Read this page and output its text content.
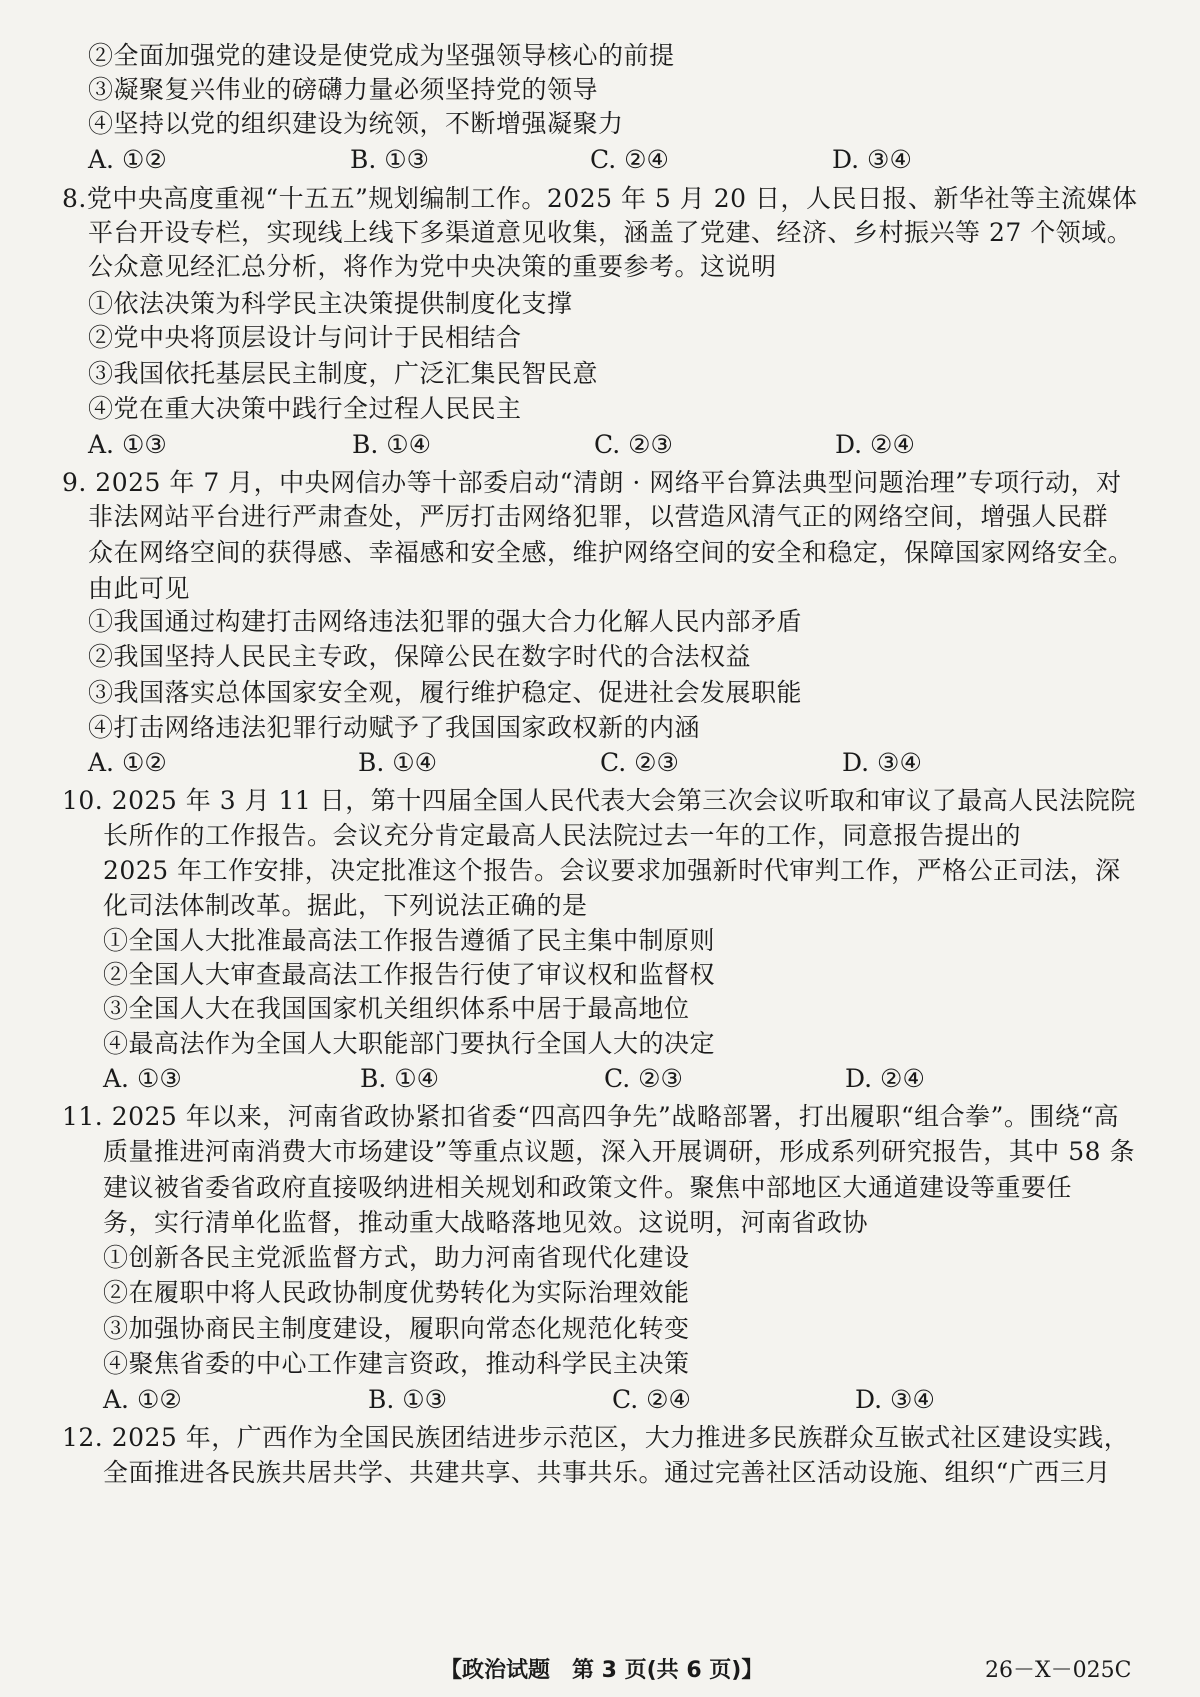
②全面加强党的建设是使党成为坚强领导核心的前提
③凝聚复兴伟业的磅礴力量必须坚持党的领导
④坚持以党的组织建设为统领，不断增强凝聚力
A. ①②	B. ①③	C. ②④	D. ③④
8.党中央高度重视“十五五”规划编制工作。2025 年 5 月 20 日，人民日报、新华社等主流媒体
平台开设专栏，实现线上线下多渠道意见收集，涵盖了党建、经济、乡村振兴等 27 个领域。
公众意见经汇总分析，将作为党中央决策的重要参考。这说明
①依法决策为科学民主决策提供制度化支撑
②党中央将顶层设计与问计于民相结合
③我国依托基层民主制度，广泛汇集民智民意
④党在重大决策中践行全过程人民民主
A. ①③	B. ①④	C. ②③	D. ②④
9. 2025 年 7 月，中央网信办等十部委启动“清朗 · 网络平台算法典型问题治理”专项行动，对
非法网站平台进行严肃查处，严厉打击网络犯罪，以营造风清气正的网络空间，增强人民群
众在网络空间的获得感、幸福感和安全感，维护网络空间的安全和稳定，保障国家网络安全。
由此可见
①我国通过构建打击网络违法犯罪的强大合力化解人民内部矛盾
②我国坚持人民民主专政，保障公民在数字时代的合法权益
③我国落实总体国家安全观，履行维护稳定、促进社会发展职能
④打击网络违法犯罪行动赋予了我国国家政权新的内涵
A. ①②	B. ①④	C. ②③	D. ③④
10. 2025 年 3 月 11 日，第十四届全国人民代表大会第三次会议听取和审议了最高人民法院院
长所作的工作报告。会议充分肯定最高人民法院过去一年的工作，同意报告提出的
2025 年工作安排，决定批准这个报告。会议要求加强新时代审判工作，严格公正司法，深
化司法体制改革。据此，下列说法正确的是
①全国人大批准最高法工作报告遵循了民主集中制原则
②全国人大审查最高法工作报告行使了审议权和监督权
③全国人大在我国国家机关组织体系中居于最高地位
④最高法作为全国人大职能部门要执行全国人大的决定
A. ①③	B. ①④	C. ②③	D. ②④
11. 2025 年以来，河南省政协紧扣省委“四高四争先”战略部署，打出履职“组合拳”。围绕“高
质量推进河南消费大市场建设”等重点议题，深入开展调研，形成系列研究报告，其中 58 条
建议被省委省政府直接吸纳进相关规划和政策文件。聚焦中部地区大通道建设等重要任
务，实行清单化监督，推动重大战略落地见效。这说明，河南省政协
①创新各民主党派监督方式，助力河南省现代化建设
②在履职中将人民政协制度优势转化为实际治理效能
③加强协商民主制度建设，履职向常态化规范化转变
④聚焦省委的中心工作建言资政，推动科学民主决策
A. ①②	B. ①③	C. ②④	D. ③④
12. 2025 年，广西作为全国民族团结进步示范区，大力推进多民族群众互嵌式社区建设实践，
全面推进各民族共居共学、共建共享、共事共乐。通过完善社区活动设施、组织“广西三月
【政治试题　第 3 页(共 6 页)】	26－X－025C
